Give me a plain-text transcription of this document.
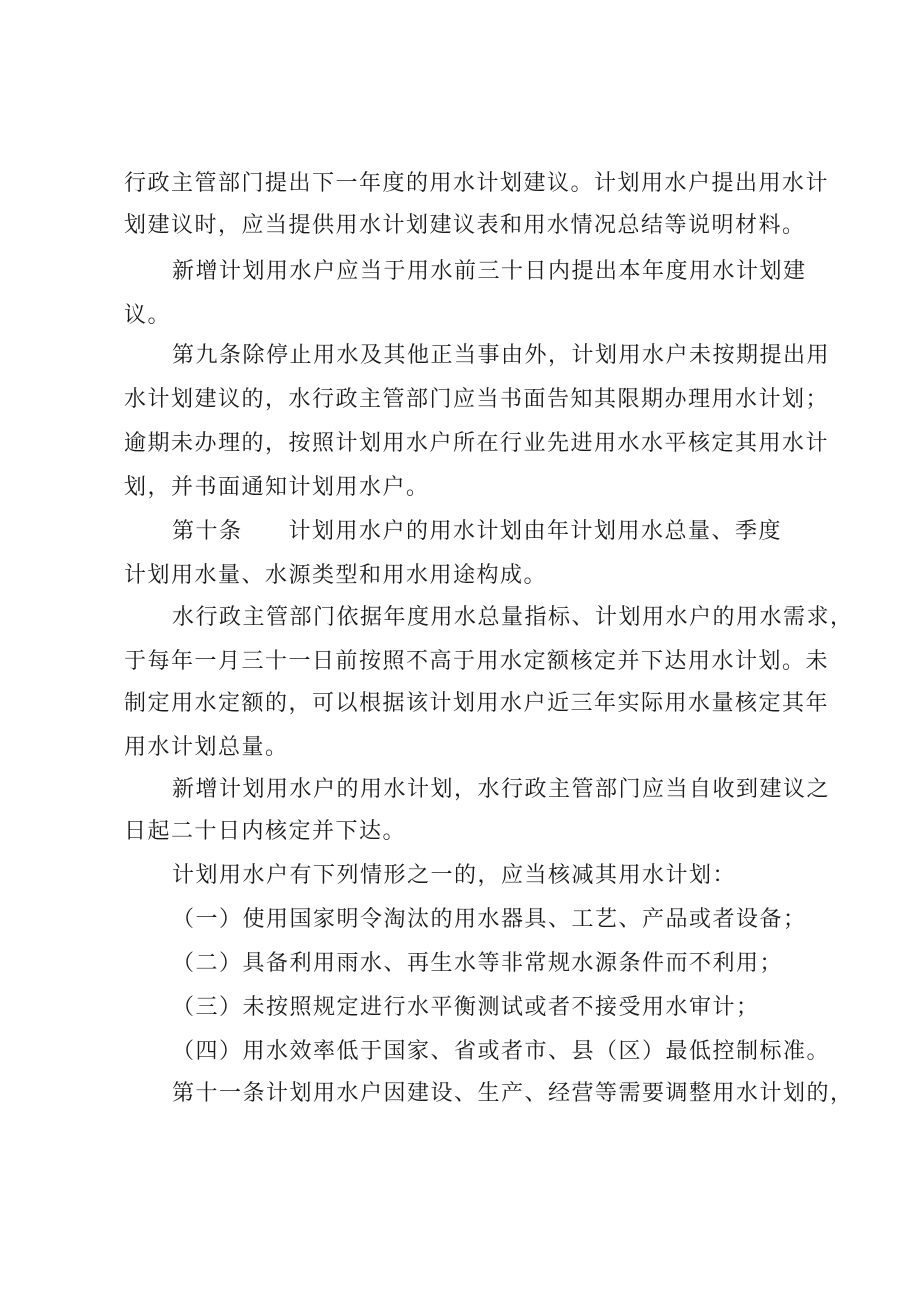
行政主管部门提出下一年度的用水计划建议。计划用水户提出用水计
划建议时，应当提供用水计划建议表和用水情况总结等说明材料。
新增计划用水户应当于用水前三十日内提出本年度用水计划建
议。
第九条除停止用水及其他正当事由外，计划用水户未按期提出用
水计划建议的，水行政主管部门应当书面告知其限期办理用水计划；
逾期未办理的，按照计划用水户所在行业先进用水水平核定其用水计
划，并书面通知计划用水户。
第十条 计划用水户的用水计划由年计划用水总量、季度
计划用水量、水源类型和用水用途构成。
水行政主管部门依据年度用水总量指标、计划用水户的用水需求，
于每年一月三十一日前按照不高于用水定额核定并下达用水计划。未
制定用水定额的，可以根据该计划用水户近三年实际用水量核定其年
用水计划总量。
新增计划用水户的用水计划，水行政主管部门应当自收到建议之
日起二十日内核定并下达。
计划用水户有下列情形之一的，应当核减其用水计划：
（一）使用国家明令淘汰的用水器具、工艺、产品或者设备；
（二）具备利用雨水、再生水等非常规水源条件而不利用；
（三）未按照规定进行水平衡测试或者不接受用水审计；
（四）用水效率低于国家、省或者市、县（区）最低控制标准。
第十一条计划用水户因建设、生产、经营等需要调整用水计划的，
